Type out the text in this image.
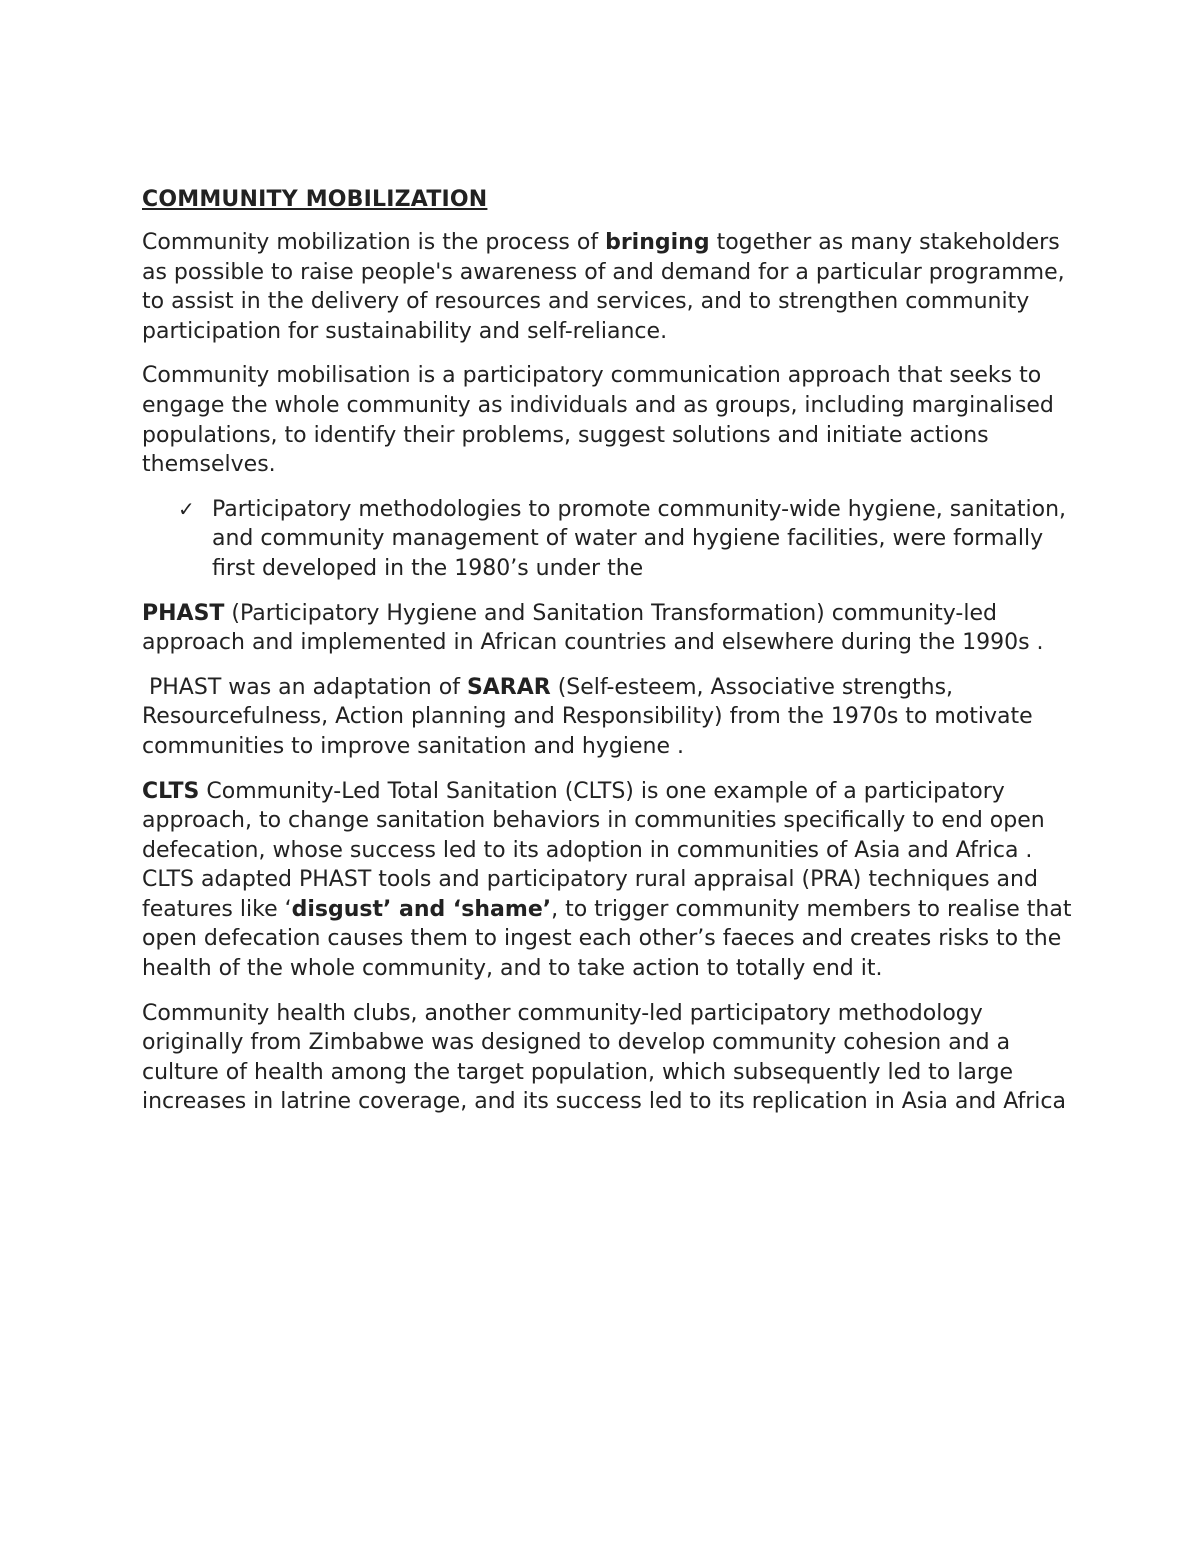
COMMUNITY MOBILIZATION

Community mobilization is the process of bringing together as many stakeholders as possible to raise people's awareness of and demand for a particular programme, to assist in the delivery of resources and services, and to strengthen community participation for sustainability and self-reliance.

Community mobilisation is a participatory communication approach that seeks to engage the whole community as individuals and as groups, including marginalised populations, to identify their problems, suggest solutions and initiate actions themselves.

✓ Participatory methodologies to promote community-wide hygiene, sanitation, and community management of water and hygiene facilities, were formally first developed in the 1980’s under the

PHAST (Participatory Hygiene and Sanitation Transformation) community-led approach and implemented in African countries and elsewhere during the 1990s .

PHAST was an adaptation of SARAR (Self-esteem, Associative strengths, Resourcefulness, Action planning and Responsibility) from the 1970s to motivate communities to improve sanitation and hygiene .

CLTS Community-Led Total Sanitation (CLTS) is one example of a participatory approach, to change sanitation behaviors in communities specifically to end open defecation, whose success led to its adoption in communities of Asia and Africa . CLTS adapted PHAST tools and participatory rural appraisal (PRA) techniques and features like ‘disgust’ and ‘shame’, to trigger community members to realise that open defecation causes them to ingest each other’s faeces and creates risks to the health of the whole community, and to take action to totally end it.

Community health clubs, another community-led participatory methodology originally from Zimbabwe was designed to develop community cohesion and a culture of health among the target population, which subsequently led to large increases in latrine coverage, and its success led to its replication in Asia and Africa
